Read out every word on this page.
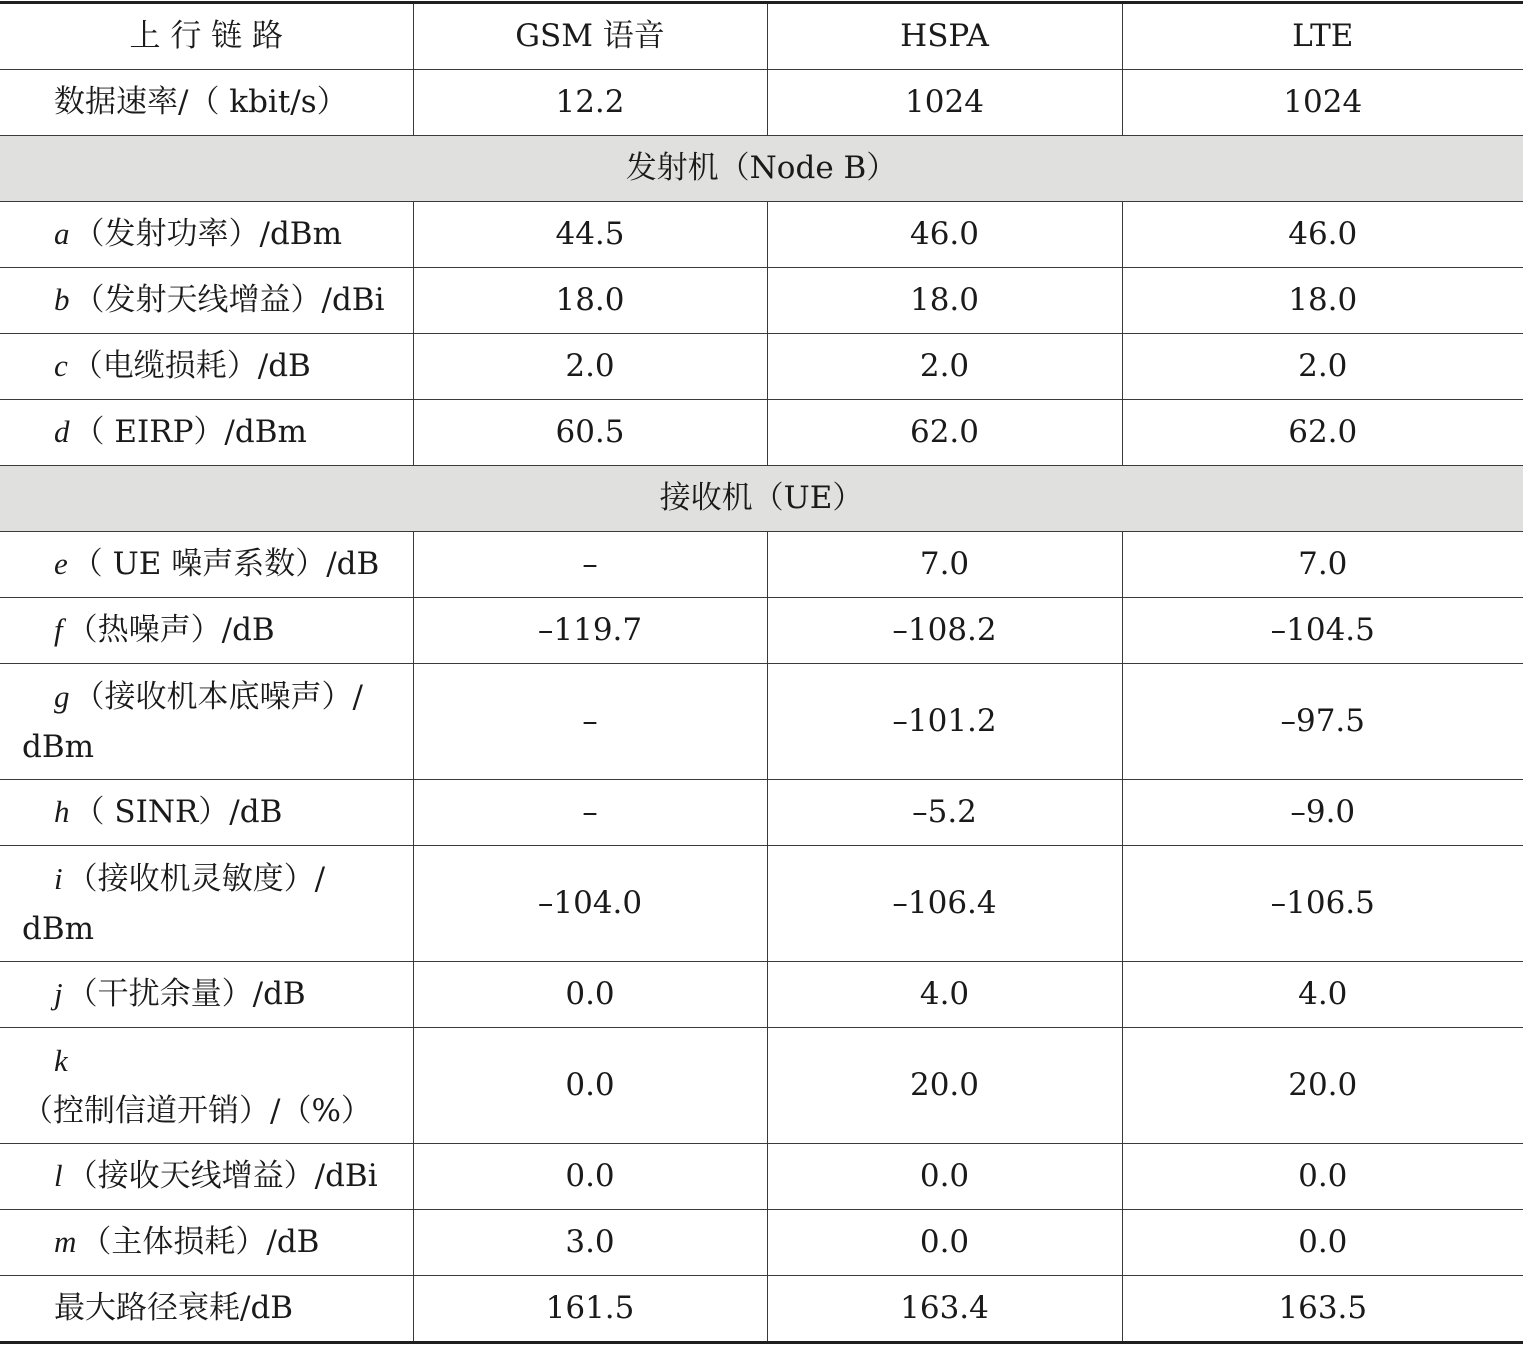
上 行 链 路	GSM 语音	HSPA	LTE
数据速率/（ kbit/s）	12.2	1024	1024
发射机（Node B）			
a （发射功率）/dBm	44.5	46.0	46.0
b （发射天线增益）/dBi	18.0	18.0	18.0
c （电缆损耗）/dB	2.0	2.0	2.0
d （ EIRP）/dBm	60.5	62.0	62.0
接收机（UE）			
e （ UE 噪声系数）/dB	–	7.0	7.0
f （热噪声）/dB	–119.7	–108.2	–104.5
g （接收机本底噪声）/ dBm	–	–101.2	–97.5
h （ SINR）/dB	–	–5.2	–9.0
i （接收机灵敏度）/ dBm	–104.0	–106.4	–106.5
j （干扰余量）/dB	0.0	4.0	4.0
k（控制信道开销）/（%）	0.0	20.0	20.0
l （接收天线增益）/dBi	0.0	0.0	0.0
m （主体损耗）/dB	3.0	0.0	0.0
最大路径衰耗/dB	161.5	163.4	163.5
